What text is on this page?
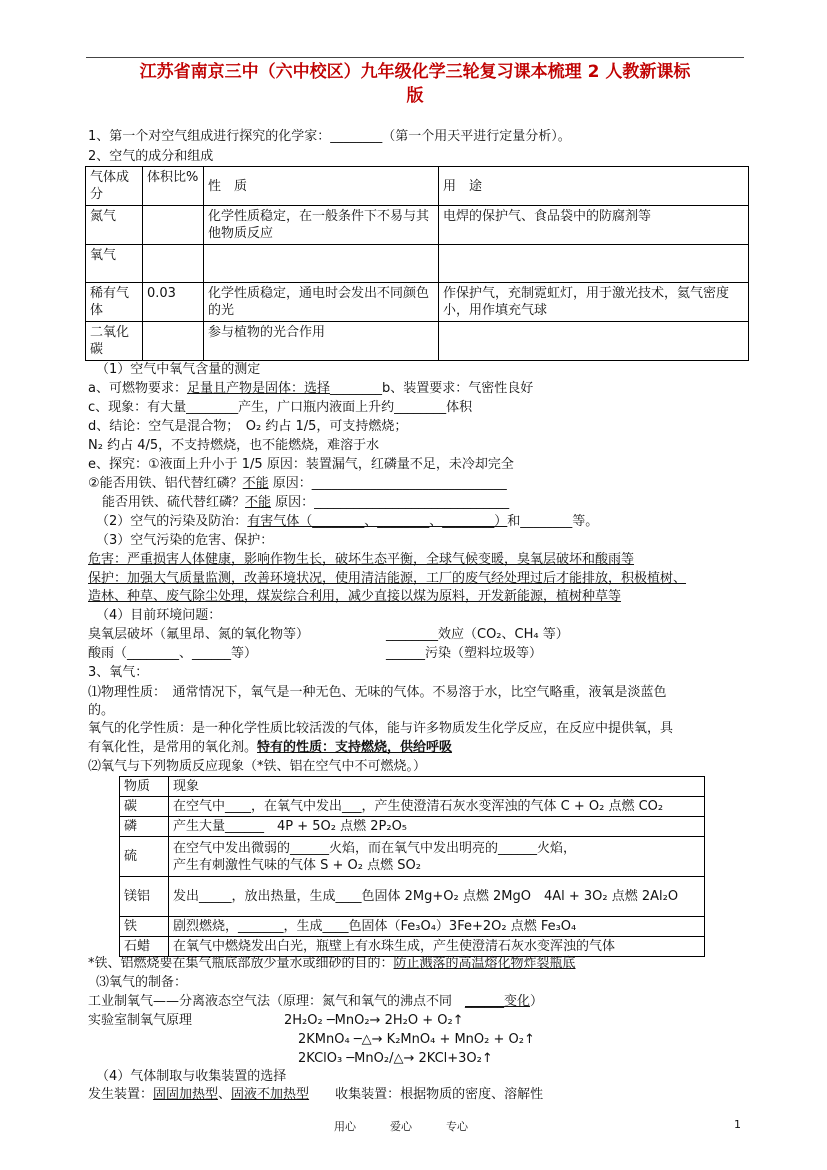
江苏省南京三中（六中校区）九年级化学三轮复习课本梳理 2 人教新课标
版
1、第一个对空气组成进行探究的化学家：________（第一个用天平进行定量分析）。
2、空气的成分和组成
气体成分	体积比%	性　质	用　途
氮气		化学性质稳定，在一般条件下不易与其他物质反应	电焊的保护气、食品袋中的防腐剂等
氧气			
稀有气体	0.03	化学性质稳定，通电时会发出不同颜色的光	作保护气，充制霓虹灯，用于激光技术，氦气密度小，用作填充气球
二氧化碳		参与植物的光合作用	
（1）空气中氧气含量的测定
a、可燃物要求：足量且产物是固体：选择________b、装置要求：气密性良好
c、现象：有大量________产生，广口瓶内液面上升约________体积
d、结论：空气是混合物；　O₂ 约占 1/5，可支持燃烧；
N₂ 约占 4/5，不支持燃烧，也不能燃烧，难溶于水
e、探究：①液面上升小于 1/5 原因：装置漏气，红磷量不足，未冷却完全
②能否用铁、铝代替红磷？不能 原因：______________________________
能否用铁、硫代替红磷？不能 原因：______________________________
（2）空气的污染及防治：有害气体（________、________、________）和________等。
（3）空气污染的危害、保护：
危害：严重损害人体健康，影响作物生长，破坏生态平衡，全球气候变暖，臭氧层破坏和酸雨等
保护：加强大气质量监测，改善环境状况，使用清洁能源，工厂的废气经处理过后才能排放，积极植树、
造林、种草、废气除尘处理，煤炭综合利用，减少直接以煤为原料，开发新能源，植树种草等
（4）目前环境问题：
臭氧层破坏（氟里昂、氮的氧化物等）	________效应（CO₂、CH₄ 等）
酸雨（________、______等）	______污染（塑料垃圾等）
3、氧气：
⑴物理性质：　通常情况下，氧气是一种无色、无味的气体。不易溶于水，比空气略重，液氧是淡蓝色
的。
氧气的化学性质：是一种化学性质比较活泼的气体，能与许多物质发生化学反应，在反应中提供氧，具
有氧化性，是常用的氧化剂。特有的性质：支持燃烧，供给呼吸
⑵氧气与下列物质反应现象（*铁、铝在空气中不可燃烧。）
物质	现象
碳	在空气中____，在氧气中发出___，产生使澄清石灰水变浑浊的气体 C + O₂ 点燃 CO₂
磷	产生大量______　4P + 5O₂ 点燃 2P₂O₅
硫	在空气中发出微弱的______火焰，而在氧气中发出明亮的______火焰，
产生有刺激性气味的气体 S + O₂ 点燃 SO₂

镁铝	发出_____，放出热量，生成____色固体 2Mg+O₂ 点燃 2MgO　4Al + 3O₂ 点燃 2Al₂O
铁	剧烈燃烧，_______，生成____色固体（Fe₃O₄）3Fe+2O₂ 点燃 Fe₃O₄
石蜡	在氧气中燃烧发出白光，瓶壁上有水珠生成，产生使澄清石灰水变浑浊的气体
*铁、铝燃烧要在集气瓶底部放少量水或细砂的目的：防止溅落的高温熔化物炸裂瓶底
⑶氧气的制备：
工业制氧气——分离液态空气法（原理：氮气和氧气的沸点不同　______变化）
实验室制氧气原理	2H₂O₂ ─MnO₂→ 2H₂O + O₂↑
2KMnO₄ ─△→ K₂MnO₄ + MnO₂ + O₂↑
2KClO₃ ─MnO₂/△→ 2KCl+3O₂↑
（4）气体制取与收集装置的选择
发生装置：固固加热型、固液不加热型　　收集装置：根据物质的密度、溶解性
用心	爱心	专心	1
